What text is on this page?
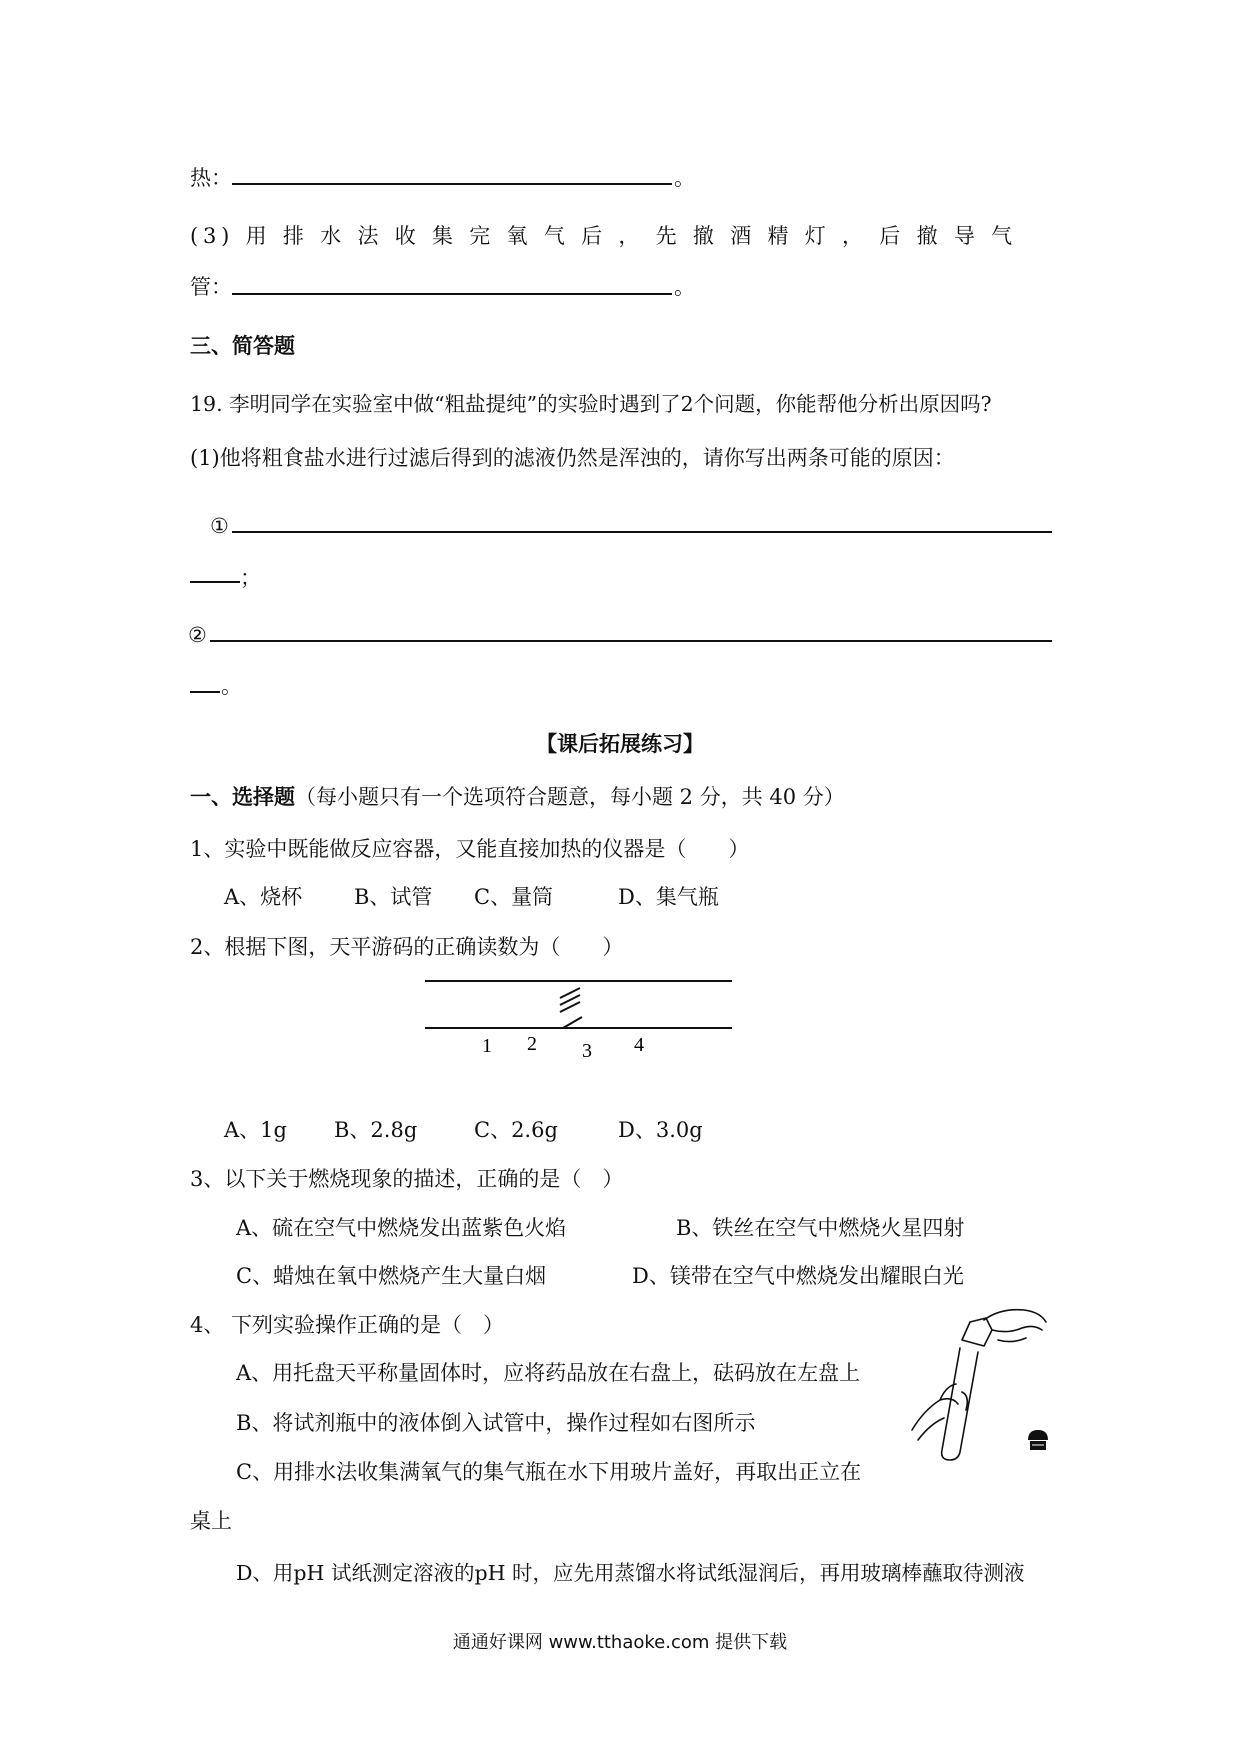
热：	。
(3) 用 排 水 法 收 集 完 氧 气 后 ， 先 撤 酒 精 灯 ， 后 撤 导 气
管：	。
三、简答题
19. 李明同学在实验室中做“粗盐提纯”的实验时遇到了2个问题，你能帮他分析出原因吗?
(1)他将粗食盐水进行过滤后得到的滤液仍然是浑浊的，请你写出两条可能的原因：
①
；
②
。
【课后拓展练习】
一、选择题（每小题只有一个选项符合题意，每小题 2 分，共 40 分）
1、实验中既能做反应容器，又能直接加热的仪器是（　　）
A、烧杯 B、试管 C、量筒	D、集气瓶
2、根据下图，天平游码的正确读数为（　　）
1 2 3 4
A、1g B、2.8g	C、2.6g	D、3.0g
3、以下关于燃烧现象的描述，正确的是（　）
A、硫在空气中燃烧发出蓝紫色火焰	B、铁丝在空气中燃烧火星四射
C、蜡烛在氧中燃烧产生大量白烟	D、镁带在空气中燃烧发出耀眼白光
4、 下列实验操作正确的是（　）
A、用托盘天平称量固体时，应将药品放在右盘上，砝码放在左盘上
B、将试剂瓶中的液体倒入试管中，操作过程如右图所示
C、用排水法收集满氧气的集气瓶在水下用玻片盖好，再取出正立在
桌上
D、用pH 试纸测定溶液的pH 时，应先用蒸馏水将试纸湿润后，再用玻璃棒蘸取待测液
通通好课网 www.tthaoke.com 提供下载
